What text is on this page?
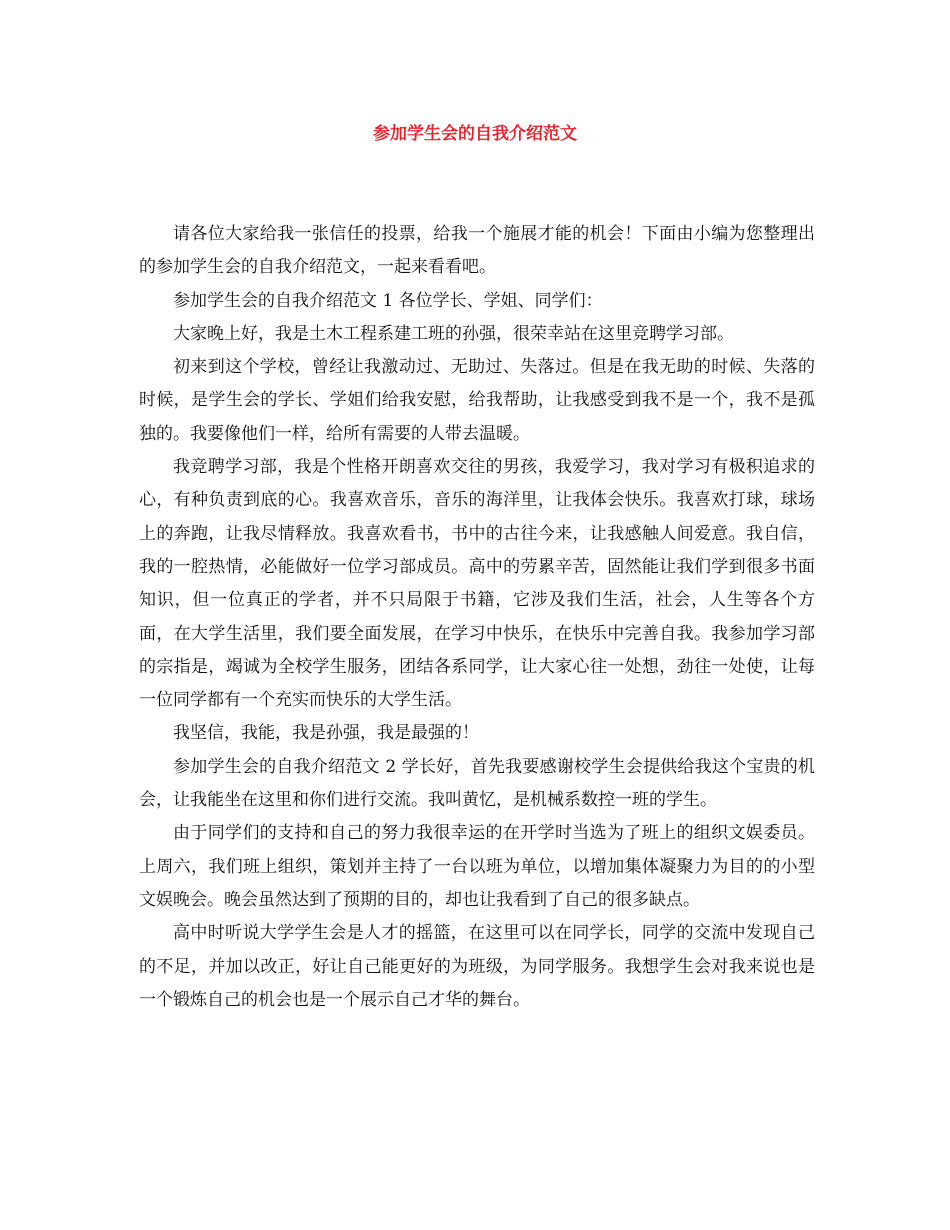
参加学生会的自我介绍范文

请各位大家给我一张信任的投票，给我一个施展才能的机会！下面由小编为您整理出的参加学生会的自我介绍范文，一起来看看吧。

参加学生会的自我介绍范文 1 各位学长、学姐、同学们：

大家晚上好，我是土木工程系建工班的孙强，很荣幸站在这里竞聘学习部。

初来到这个学校，曾经让我激动过、无助过、失落过。但是在我无助的时候、失落的时候，是学生会的学长、学姐们给我安慰，给我帮助，让我感受到我不是一个，我不是孤独的。我要像他们一样，给所有需要的人带去温暖。

我竞聘学习部，我是个性格开朗喜欢交往的男孩，我爱学习，我对学习有极积追求的心，有种负责到底的心。我喜欢音乐，音乐的海洋里，让我体会快乐。我喜欢打球，球场上的奔跑，让我尽情释放。我喜欢看书，书中的古往今来，让我感触人间爱意。我自信，我的一腔热情，必能做好一位学习部成员。高中的劳累辛苦，固然能让我们学到很多书面知识，但一位真正的学者，并不只局限于书籍，它涉及我们生活，社会，人生等各个方面，在大学生活里，我们要全面发展，在学习中快乐，在快乐中完善自我。我参加学习部的宗指是，竭诚为全校学生服务，团结各系同学，让大家心往一处想，劲往一处使，让每一位同学都有一个充实而快乐的大学生活。

我坚信，我能，我是孙强，我是最强的！

参加学生会的自我介绍范文 2 学长好，首先我要感谢校学生会提供给我这个宝贵的机会，让我能坐在这里和你们进行交流。我叫黄忆，是机械系数控一班的学生。

由于同学们的支持和自己的努力我很幸运的在开学时当选为了班上的组织文娱委员。上周六，我们班上组织，策划并主持了一台以班为单位，以增加集体凝聚力为目的的小型文娱晚会。晚会虽然达到了预期的目的，却也让我看到了自己的很多缺点。

高中时听说大学学生会是人才的摇篮，在这里可以在同学长，同学的交流中发现自己的不足，并加以改正，好让自己能更好的为班级，为同学服务。我想学生会对我来说也是一个锻炼自己的机会也是一个展示自己才华的舞台。
